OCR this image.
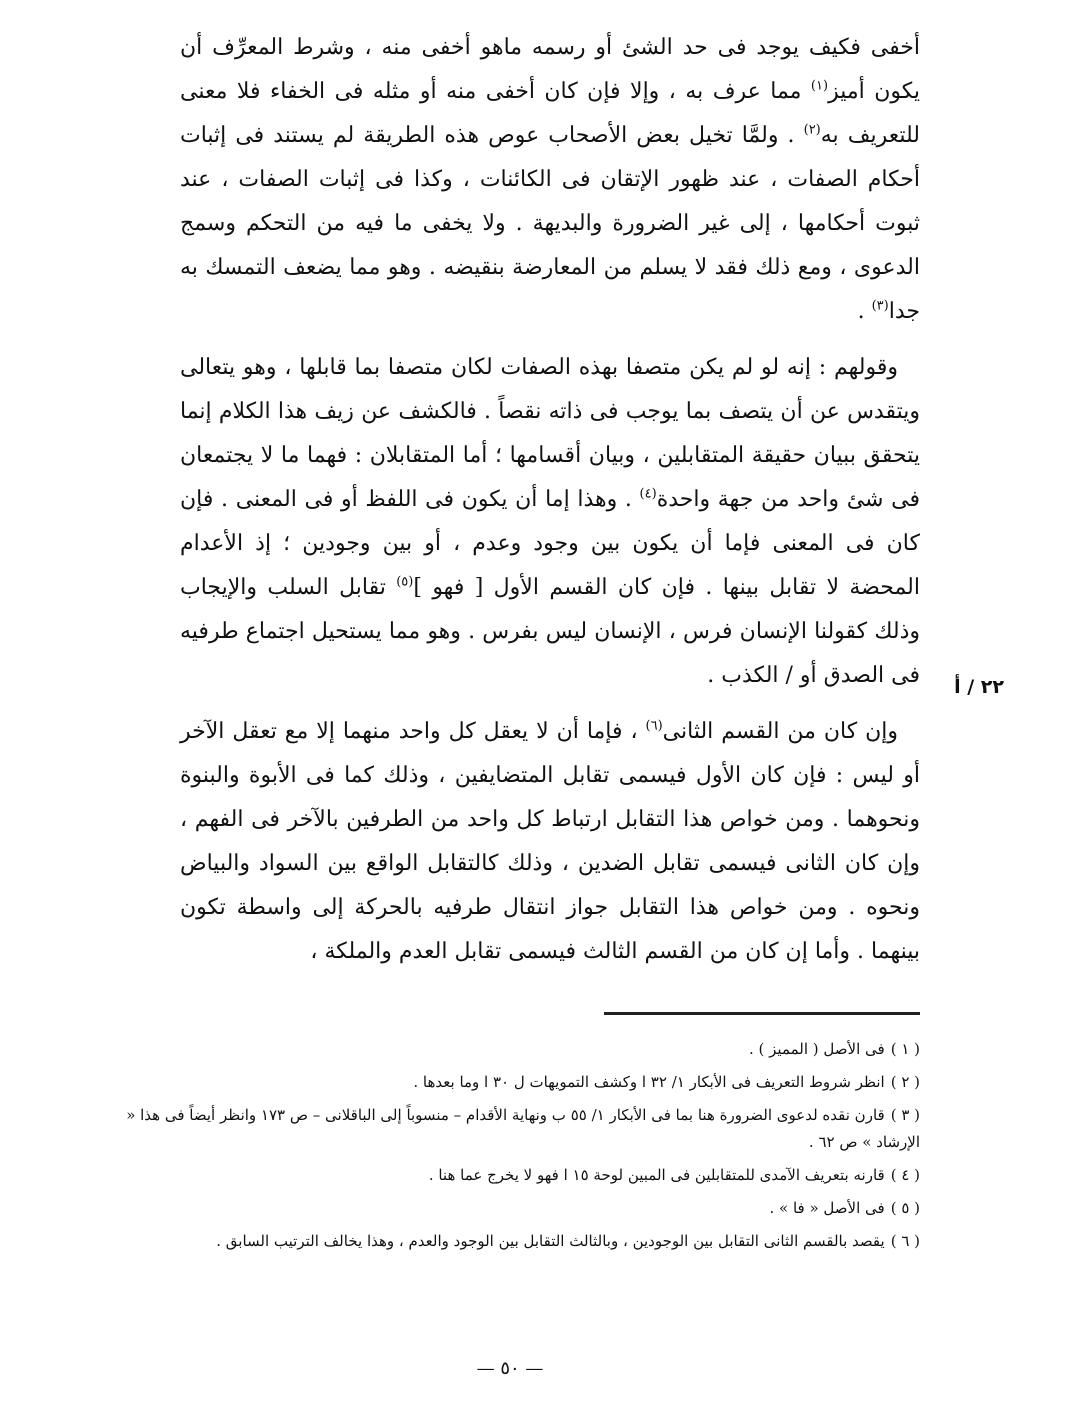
أخفى فكيف يوجد فى حد الشئ أو رسمه ماهو أخفى منه ، وشرط المعرِّف أن يكون أميز$^{(١)}$ مما عرف به ، وإلا فإن كان أخفى منه أو مثله فى الخفاء فلا معنى للتعريف به$^{(٢)}$ . ولمَّا تخيل بعض الأصحاب عوص هذه الطريقة لم يستند فى إثبات أحكام الصفات ، عند ظهور الإتقان فى الكائنات ، وكذا فى إثبات الصفات ، عند ثبوت أحكامها ، إلى غير الضرورة والبديهة . ولا يخفى ما فيه من التحكم وسمج الدعوى ، ومع ذلك فقد لا يسلم من المعارضة بنقيضه . وهو مما يضعف التمسك به جدا$^{(٣)}$ .

وقولهم : إنه لو لم يكن متصفا بهذه الصفات لكان متصفا بما قابلها ، وهو يتعالى ويتقدس عن أن يتصف بما يوجب فى ذاته نقصاً . فالكشف عن زيف هذا الكلام إنما يتحقق ببيان حقيقة المتقابلين ، وبيان أقسامها ؛ أما المتقابلان : فهما ما لا يجتمعان فى شئ واحد من جهة واحدة$^{(٤)}$ . وهذا إما أن يكون فى اللفظ أو فى المعنى . فإن كان فى المعنى فإما أن يكون بين وجود وعدم ، أو بين وجودين ؛ إذ الأعدام المحضة لا تقابل بينها . فإن كان القسم الأول [ فهو ]$^{(٥)}$ تقابل السلب والإيجاب وذلك كقولنا الإنسان فرس ، الإنسان ليس بفرس . وهو مما يستحيل اجتماع طرفيه فى الصدق أو / الكذب .

وإن كان من القسم الثانى$^{(٦)}$ ، فإما أن لا يعقل كل واحد منهما إلا مع تعقل الآخر أو ليس : فإن كان الأول فيسمى تقابل المتضايفين ، وذلك كما فى الأبوة والبنوة ونحوهما . ومن خواص هذا التقابل ارتباط كل واحد من الطرفين بالآخر فى الفهم ، وإن كان الثانى فيسمى تقابل الضدين ، وذلك كالتقابل الواقع بين السواد والبياض ونحوه . ومن خواص هذا التقابل جواز انتقال طرفيه بالحركة إلى واسطة تكون بينهما . وأما إن كان من القسم الثالث فيسمى تقابل العدم والملكة ،

٢٢ / أ

( ١ )فى الأصل ( المميز ) .

( ٢ )انظر شروط التعريف فى الأبكار ١/ ٣٢ ا وكشف التمويهات ل ٣٠ ا وما بعدها .

( ٣ )قارن نقده لدعوى الضرورة هنا بما فى الأبكار ١/ ٥٥ ب ونهاية الأقدام – منسوباً إلى الباقلانى – ص ١٧٣ وانظر أيضاً فى هذا « الإرشاد » ص ٦٢ .

( ٤ )قارنه بتعريف الآمدى للمتقابلين فى المبين لوحة ١٥ ا فهو لا يخرج عما هنا .

( ٥ )فى الأصل « فا » .

( ٦ )يقصد بالقسم الثانى التقابل بين الوجودين ، وبالثالث التقابل بين الوجود والعدم ، وهذا يخالف الترتيب السابق .

— ٥٠ —
